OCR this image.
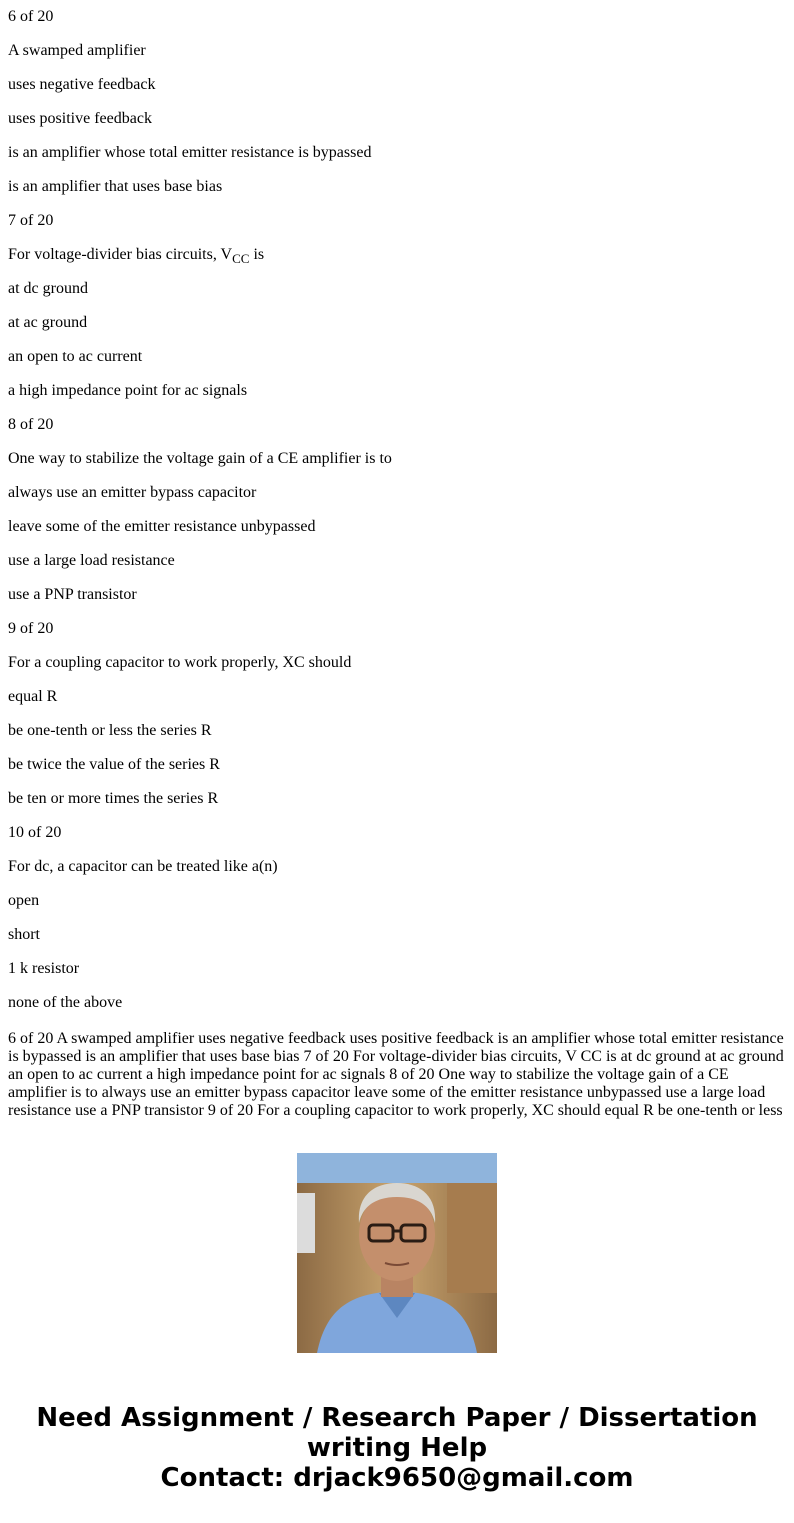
6 of 20
A swamped amplifier
uses negative feedback
uses positive feedback
is an amplifier whose total emitter resistance is bypassed
is an amplifier that uses base bias
7 of 20
For voltage-divider bias circuits, $V_{CC}$ is
at dc ground
at ac ground
an open to ac current
a high impedance point for ac signals
8 of 20
One way to stabilize the voltage gain of a CE amplifier is to
always use an emitter bypass capacitor
leave some of the emitter resistance unbypassed
use a large load resistance
use a PNP transistor
9 of 20
For a coupling capacitor to work properly, XC should
equal R
be one-tenth or less the series R
be twice the value of the series R
be ten or more times the series R
10 of 20
For dc, a capacitor can be treated like a(n)
open
short
1 k resistor
none of the above
6 of 20 A swamped amplifier uses negative feedback uses positive feedback is an amplifier whose total emitter resistance is bypassed is an amplifier that uses base bias 7 of 20 For voltage-divider bias circuits, V CC is at dc ground at ac ground an open to ac current a high impedance point for ac signals 8 of 20 One way to stabilize the voltage gain of a CE amplifier is to always use an emitter bypass capacitor leave some of the emitter resistance unbypassed use a large load resistance use a PNP transistor 9 of 20 For a coupling capacitor to work properly, XC should equal R be one-tenth or less
Need Assignment / Research Paper / Dissertation
writing Help
Contact: drjack9650@gmail.com
